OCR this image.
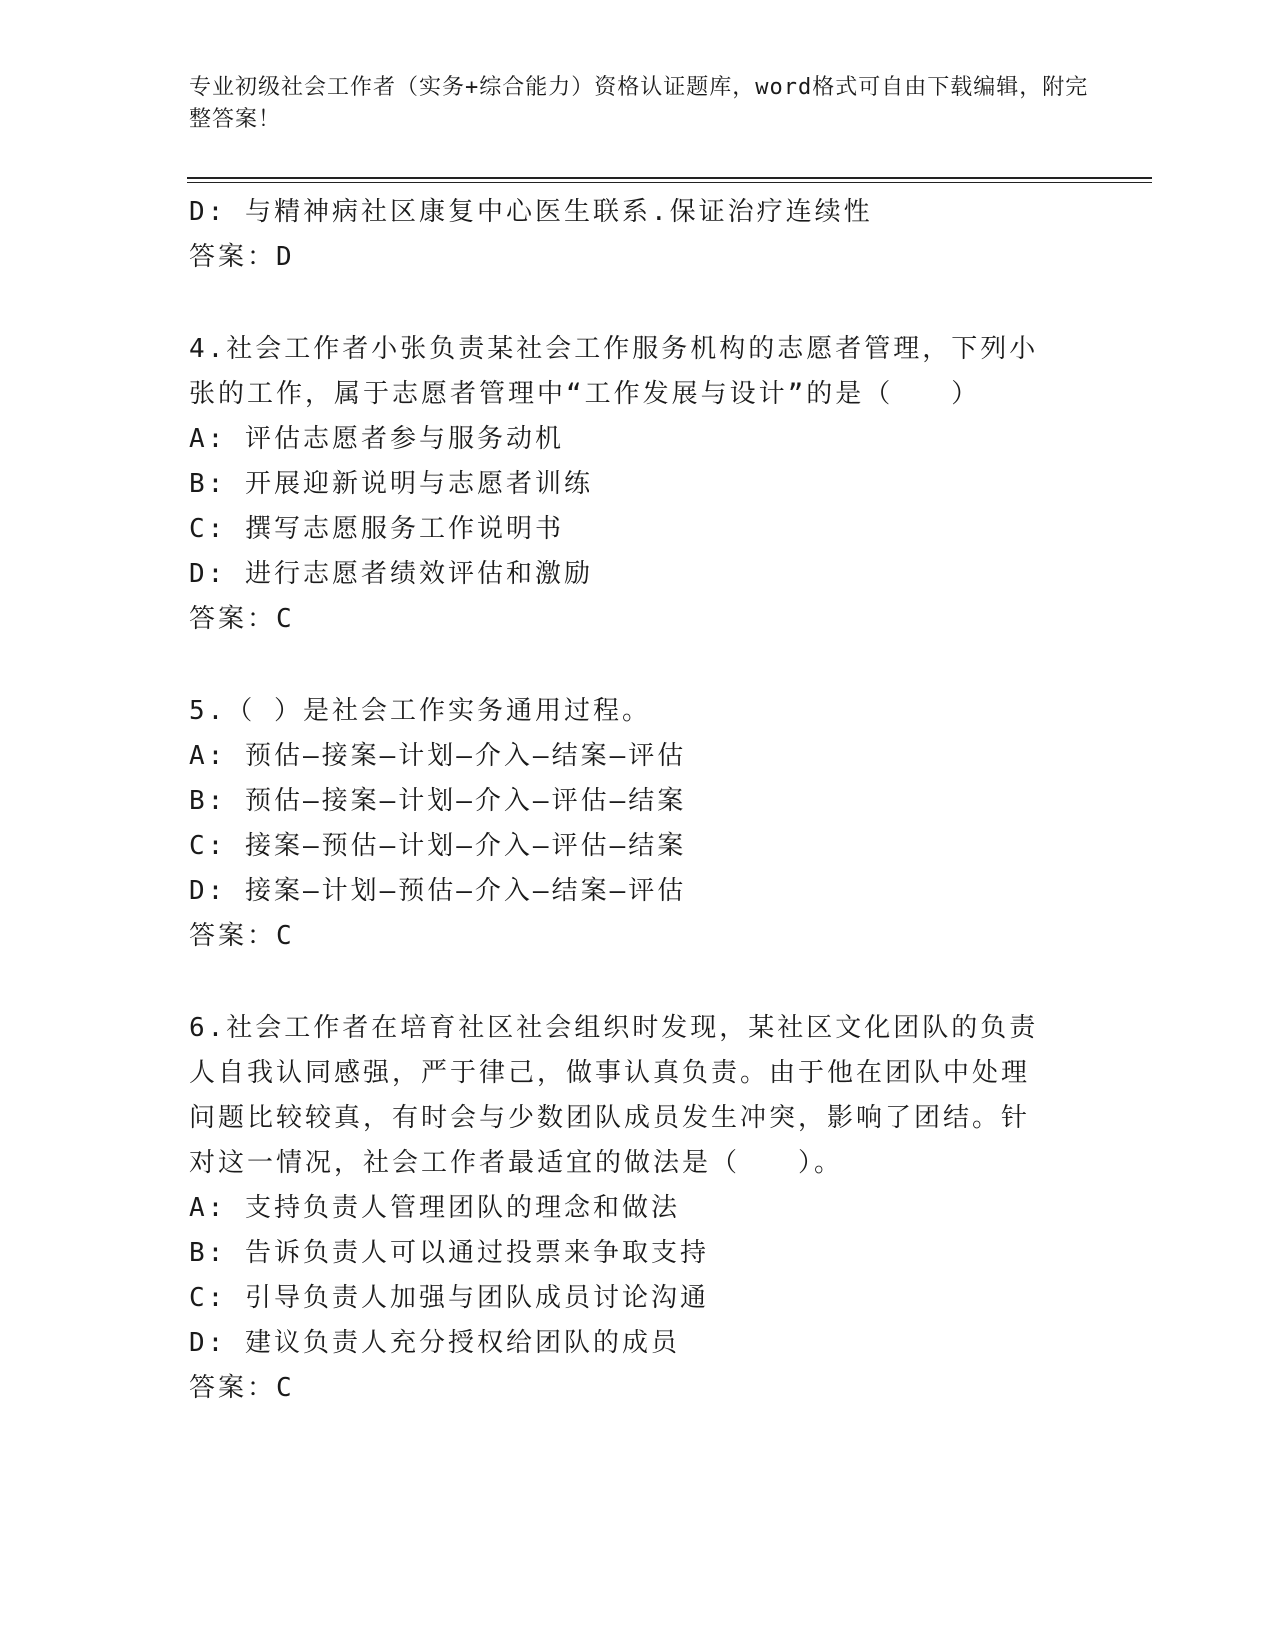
专业初级社会工作者（实务+综合能力）资格认证题库，word格式可自由下载编辑，附完整答案！
D: 与精神病社区康复中心医生联系.保证治疗连续性
答案：D
4.社会工作者小张负责某社会工作服务机构的志愿者管理，下列小张的工作，属于志愿者管理中“工作发展与设计”的是（　　）
A: 评估志愿者参与服务动机
B: 开展迎新说明与志愿者训练
C: 撰写志愿服务工作说明书
D: 进行志愿者绩效评估和激励
答案：C
5.（ ）是社会工作实务通用过程。
A: 预估—接案—计划—介入—结案—评估
B: 预估—接案—计划—介入—评估—结案
C: 接案—预估—计划—介入—评估—结案
D: 接案—计划—预估—介入—结案—评估
答案：C
6.社会工作者在培育社区社会组织时发现，某社区文化团队的负责人自我认同感强，严于律己，做事认真负责。由于他在团队中处理问题比较较真，有时会与少数团队成员发生冲突，影响了团结。针对这一情况，社会工作者最适宜的做法是（　　）。
A: 支持负责人管理团队的理念和做法
B: 告诉负责人可以通过投票来争取支持
C: 引导负责人加强与团队成员讨论沟通
D: 建议负责人充分授权给团队的成员
答案：C
